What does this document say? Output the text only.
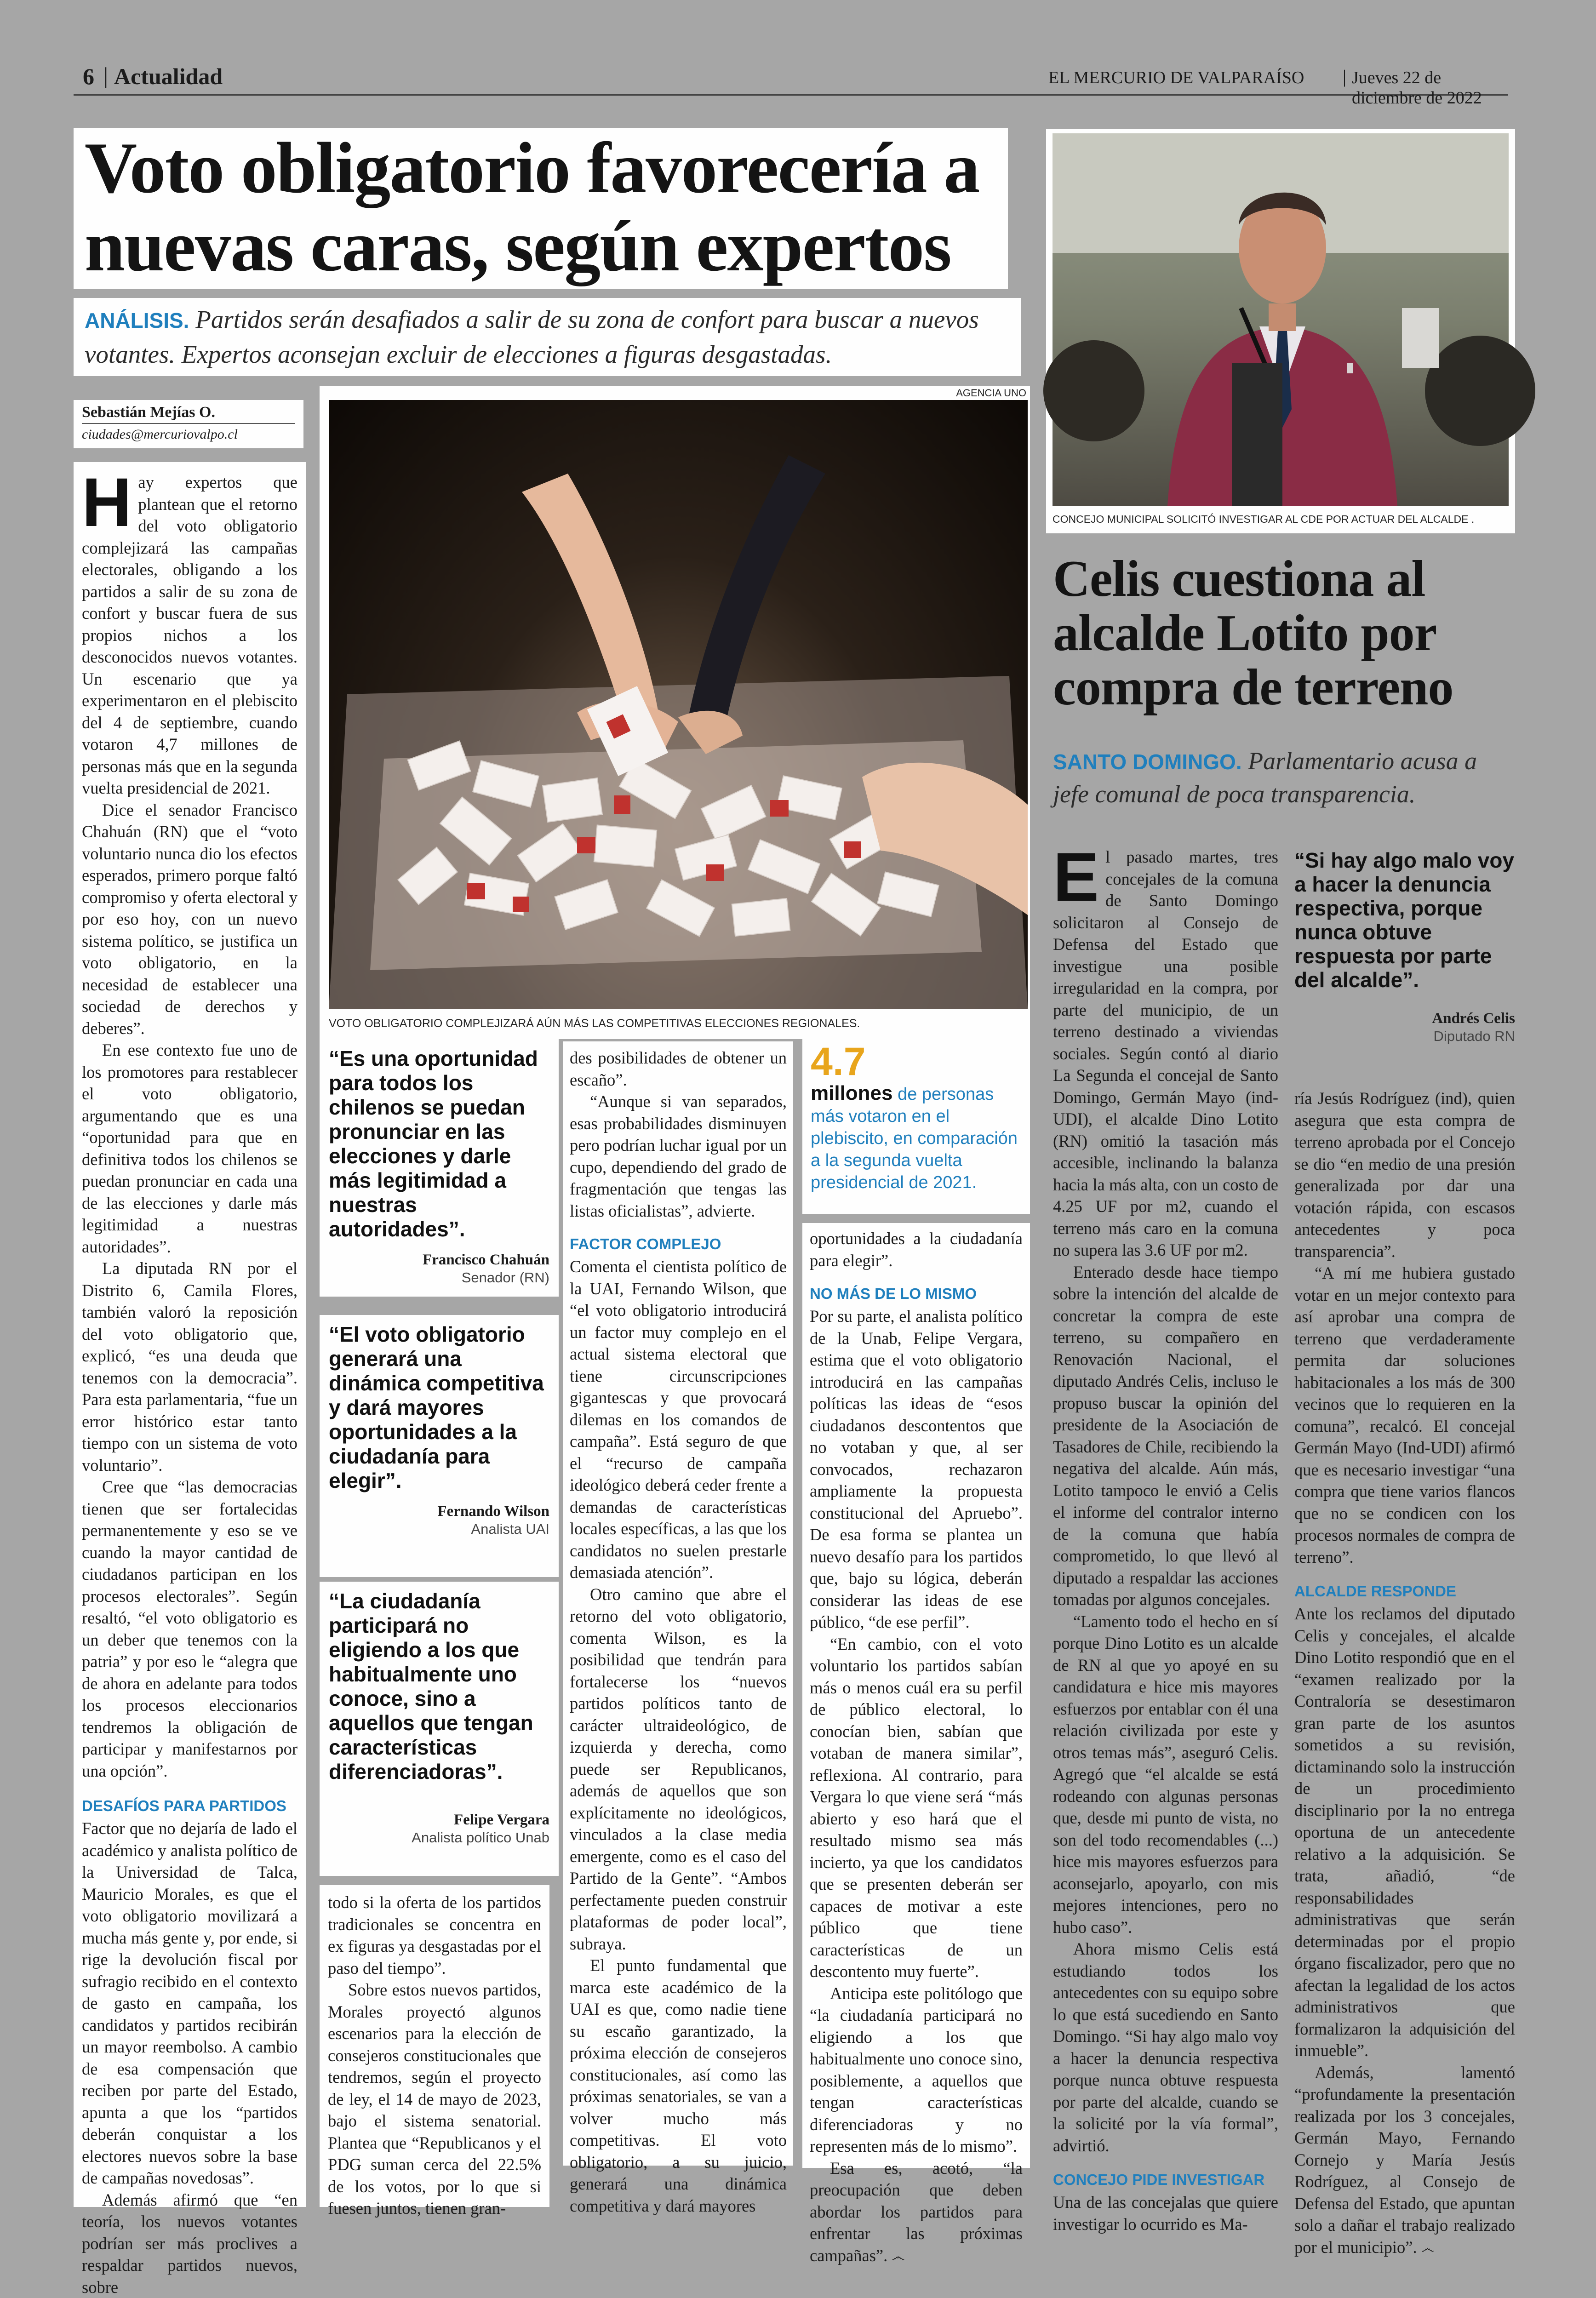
6 | Actualidad	EL MERCURIO DE VALPARAÍSO | Jueves 22 de diciembre de 2022
Voto obligatorio favorecería a
nuevas caras, según expertos

ANÁLISIS. Partidos serán desafiados a salir de su zona de confort para buscar a nuevos votantes. Expertos aconsejan excluir de elecciones a figuras desgastadas.

Sebastián Mejías O.
ciudades@mercuriovalpo.cl
AGENCIA UNO
VOTO OBLIGATORIO COMPLEJIZARÁ AÚN MÁS LAS COMPETITIVAS ELECCIONES REGIONALES.
H ay expertos que plantean que el retorno del voto obligatorio complejizará las campañas electorales, obligando a los partidos a salir de su zona de confort y buscar fuera de sus propios nichos a los desconocidos nuevos votantes. Un escenario que ya experimentaron en el plebiscito del 4 de septiembre, cuando votaron 4,7 millones de personas más que en la segunda vuelta presidencial de 2021.

Dice el senador Francisco Chahuán (RN) que el “voto voluntario nunca dio los efectos esperados, primero porque faltó compromiso y oferta electoral y por eso hoy, con un nuevo sistema político, se justifica un voto obligatorio, en la necesidad de establecer una sociedad de derechos y deberes”.

En ese contexto fue uno de los promotores para restablecer el voto obligatorio, argumentando que es una “oportunidad para que en definitiva todos los chilenos se puedan pronunciar en cada una de las elecciones y darle más legitimidad a nuestras autoridades”.

La diputada RN por el Distrito 6, Camila Flores, también valoró la reposición del voto obligatorio que, explicó, “es una deuda que tenemos con la democracia”. Para esta parlamentaria, “fue un error histórico estar tanto tiempo con un sistema de voto voluntario”.

Cree que “las democracias tienen que ser fortalecidas permanentemente y eso se ve cuando la mayor cantidad de ciudadanos participan en los procesos electorales”. Según resaltó, “el voto obligatorio es un deber que tenemos con la patria” y por eso le “alegra que de ahora en adelante para todos los procesos eleccionarios tendremos la obligación de participar y manifestarnos por una opción”.

DESAFÍOS PARA PARTIDOS

Factor que no dejaría de lado el académico y analista político de la Universidad de Talca, Mauricio Morales, es que el voto obligatorio movilizará a mucha más gente y, por ende, si rige la devolución fiscal por sufragio recibido en el contexto de gasto en campaña, los candidatos y partidos recibirán un mayor reembolso. A cambio de esa compensación que reciben por parte del Estado, apunta a que los “partidos deberán conquistar a los electores nuevos sobre la base de campañas novedosas”.

Además afirmó que “en teoría, los nuevos votantes podrían ser más proclives a respaldar partidos nuevos, sobre

“Es una oportunidad para todos los chilenos se puedan pronunciar en las elecciones y darle más legitimidad a nuestras autoridades”.

Francisco Chahuán

Senador (RN)

“El voto obligatorio generará una dinámica competitiva y dará mayores oportunidades a la ciudadanía para elegir”.

Fernando Wilson

Analista UAI

“La ciudadanía participará no eligiendo a los que habitualmente uno conoce, sino a aquellos que tengan características diferenciadoras”.

Felipe Vergara

Analista político Unab

todo si la oferta de los partidos tradicionales se concentra en ex figuras ya desgastadas por el paso del tiempo”.

Sobre estos nuevos partidos, Morales proyectó algunos escenarios para la elección de consejeros constitucionales que tendremos, según el proyecto de ley, el 14 de mayo de 2023, bajo el sistema senatorial. Plantea que “Republicanos y el PDG suman cerca del 22.5% de los votos, por lo que si fuesen juntos, tienen gran-

des posibilidades de obtener un escaño”.

“Aunque si van separados, esas probabilidades disminuyen pero podrían luchar igual por un cupo, dependiendo del grado de fragmentación que tengas las listas oficialistas”, advierte.

FACTOR COMPLEJO

Comenta el cientista político de la UAI, Fernando Wilson, que “el voto obligatorio introducirá un factor muy complejo en el actual sistema electoral que tiene circunscripciones gigantescas y que provocará dilemas en los comandos de campaña”. Está seguro de que el “recurso de campaña ideológico deberá ceder frente a demandas de características locales específicas, a las que los candidatos no suelen prestarle demasiada atención”.

Otro camino que abre el retorno del voto obligatorio, comenta Wilson, es la posibilidad que tendrán para fortalecerse los “nuevos partidos políticos tanto de carácter ultraideológico, de izquierda y derecha, como puede ser Republicanos, además de aquellos que son explícitamente no ideológicos, vinculados a la clase media emergente, como es el caso del Partido de la Gente”. “Ambos perfectamente pueden construir plataformas de poder local”, subraya.

El punto fundamental que marca este académico de la UAI es que, como nadie tiene su escaño garantizado, la próxima elección de consejeros constitucionales, así como las próximas senatoriales, se van a volver mucho más competitivas. El voto obligatorio, a su juicio, generará una dinámica competitiva y dará mayores

4.7

millones de personas más votaron en el plebiscito, en comparación a la segunda vuelta presidencial de 2021.

oportunidades a la ciudadanía para elegir”.

NO MÁS DE LO MISMO

Por su parte, el analista político de la Unab, Felipe Vergara, estima que el voto obligatorio introducirá en las campañas políticas las ideas de “esos ciudadanos descontentos que no votaban y que, al ser convocados, rechazaron ampliamente la propuesta constitucional del Apruebo”. De esa forma se plantea un nuevo desafío para los partidos que, bajo su lógica, deberán considerar las ideas de ese público, “de ese perfil”.

“En cambio, con el voto voluntario los partidos sabían más o menos cuál era su perfil de público electoral, lo conocían bien, sabían que votaban de manera similar”, reflexiona. Al contrario, para Vergara lo que viene será “más abierto y eso hará que el resultado mismo sea más incierto, ya que los candidatos que se presenten deberán ser capaces de motivar a este público que tiene características de un descontento muy fuerte”.

Anticipa este politólogo que “la ciudadanía participará no eligiendo a los que habitualmente uno conoce sino, posiblemente, a aquellos que tengan características diferenciadoras y no representen más de lo mismo”.

Esa es, acotó, “la preocupación que deben abordar los partidos para enfrentar las próximas campañas”. ෴

CONCEJO MUNICIPAL SOLICITÓ INVESTIGAR AL CDE POR ACTUAR DEL ALCALDE .
Celis cuestiona al
alcalde Lotito por
compra de terreno

SANTO DOMINGO. Parlamentario acusa a jefe comunal de poca transparencia.

E l pasado martes, tres concejales de la comuna de Santo Domingo solicitaron al Consejo de Defensa del Estado que investigue una posible irregularidad en la compra, por parte del municipio, de un terreno destinado a viviendas sociales. Según contó al diario La Segunda el concejal de Santo Domingo, Germán Mayo (ind-UDI), el alcalde Dino Lotito (RN) omitió la tasación más accesible, inclinando la balanza hacia la más alta, con un costo de 4.25 UF por m2, cuando el terreno más caro en la comuna no supera las 3.6 UF por m2.

Enterado desde hace tiempo sobre la intención del alcalde de concretar la compra de este terreno, su compañero en Renovación Nacional, el diputado Andrés Celis, incluso le propuso buscar la opinión del presidente de la Asociación de Tasadores de Chile, recibiendo la negativa del alcalde. Aún más, Lotito tampoco le envió a Celis el informe del contralor interno de la comuna que había comprometido, lo que llevó al diputado a respaldar las acciones tomadas por algunos concejales.

“Lamento todo el hecho en sí porque Dino Lotito es un alcalde de RN al que yo apoyé en su candidatura e hice mis mayores esfuerzos por entablar con él una relación civilizada por este y otros temas más”, aseguró Celis. Agregó que “el alcalde se está rodeando con algunas personas que, desde mi punto de vista, no son del todo recomendables (...) hice mis mayores esfuerzos para aconsejarlo, apoyarlo, con mis mejores intenciones, pero no hubo caso”.

Ahora mismo Celis está estudiando todos los antecedentes con su equipo sobre lo que está sucediendo en Santo Domingo. “Si hay algo malo voy a hacer la denuncia respectiva porque nunca obtuve respuesta por parte del alcalde, cuando se la solicité por la vía formal”, advirtió.

CONCEJO PIDE INVESTIGAR

Una de las concejalas que quiere investigar lo ocurrido es Ma-

“Si hay algo malo voy a hacer la denuncia respectiva, porque nunca obtuve respuesta por parte del alcalde”.

Andrés Celis

Diputado RN

ría Jesús Rodríguez (ind), quien asegura que esta compra de terreno aprobada por el Concejo se dio “en medio de una presión generalizada por dar una votación rápida, con escasos antecedentes y poca transparencia”.

“A mí me hubiera gustado votar en un mejor contexto para así aprobar una compra de terreno que verdaderamente permita dar soluciones habitacionales a los más de 300 vecinos que lo requieren en la comuna”, recalcó. El concejal Germán Mayo (Ind-UDI) afirmó que es necesario investigar “una compra que tiene varios flancos que no se condicen con los procesos normales de compra de terreno”.

ALCALDE RESPONDE

Ante los reclamos del diputado Celis y concejales, el alcalde Dino Lotito respondió que en el “examen realizado por la Contraloría se desestimaron gran parte de los asuntos sometidos a su revisión, dictaminando solo la instrucción de un procedimiento disciplinario por la no entrega oportuna de un antecedente relativo a la adquisición. Se trata, añadió, “de responsabilidades administrativas que serán determinadas por el propio órgano fiscalizador, pero que no afectan la legalidad de los actos administrativos que formalizaron la adquisición del inmueble”.

Además, lamentó “profundamente la presentación realizada por los 3 concejales, Germán Mayo, Fernando Cornejo y María Jesús Rodríguez, al Consejo de Defensa del Estado, que apuntan solo a dañar el trabajo realizado por el municipio”. ෴
